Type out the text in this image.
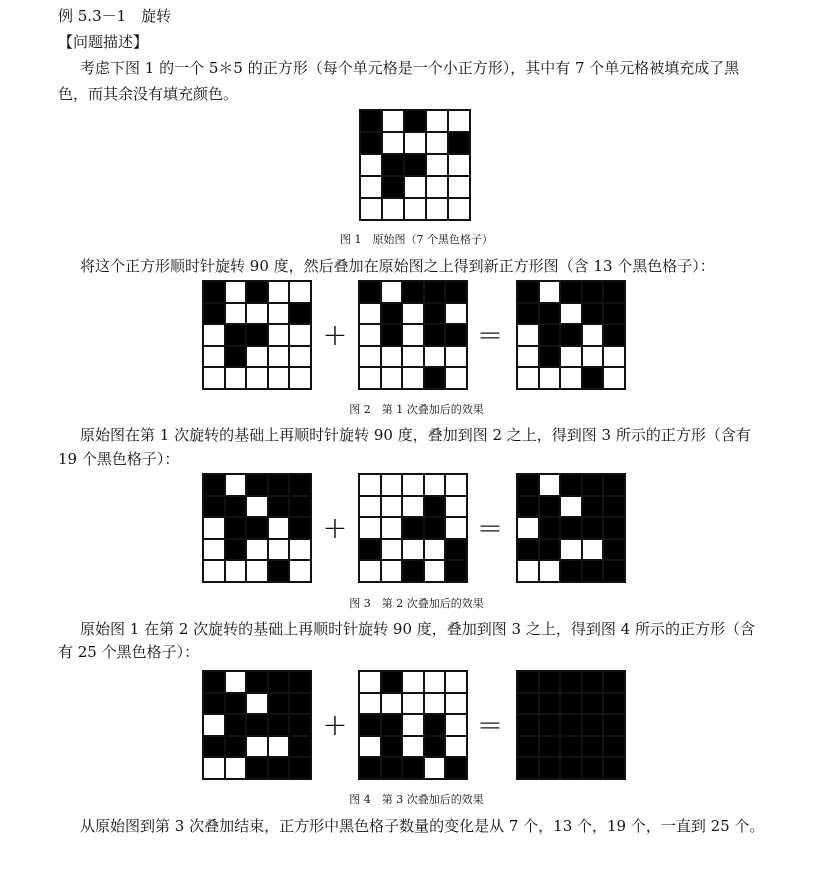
例 5.3－1　旋转
【问题描述】
考虑下图 1 的一个 5＊5 的正方形（每个单元格是一个小正方形），其中有 7 个单元格被填充成了黑
色，而其余没有填充颜色。
图 1　原始图（7 个黑色格子）
将这个正方形顺时针旋转 90 度，然后叠加在原始图之上得到新正方形图（含 13 个黑色格子）：
+	=
图 2　第 1 次叠加后的效果
原始图在第 1 次旋转的基础上再顺时针旋转 90 度，叠加到图 2 之上，得到图 3 所示的正方形（含有
19 个黑色格子）：
+	=
图 3　第 2 次叠加后的效果
原始图 1 在第 2 次旋转的基础上再顺时针旋转 90 度，叠加到图 3 之上，得到图 4 所示的正方形（含
有 25 个黑色格子）：
+	=
图 4　第 3 次叠加后的效果
从原始图到第 3 次叠加结束，正方形中黑色格子数量的变化是从 7 个，13 个，19 个，一直到 25 个。
